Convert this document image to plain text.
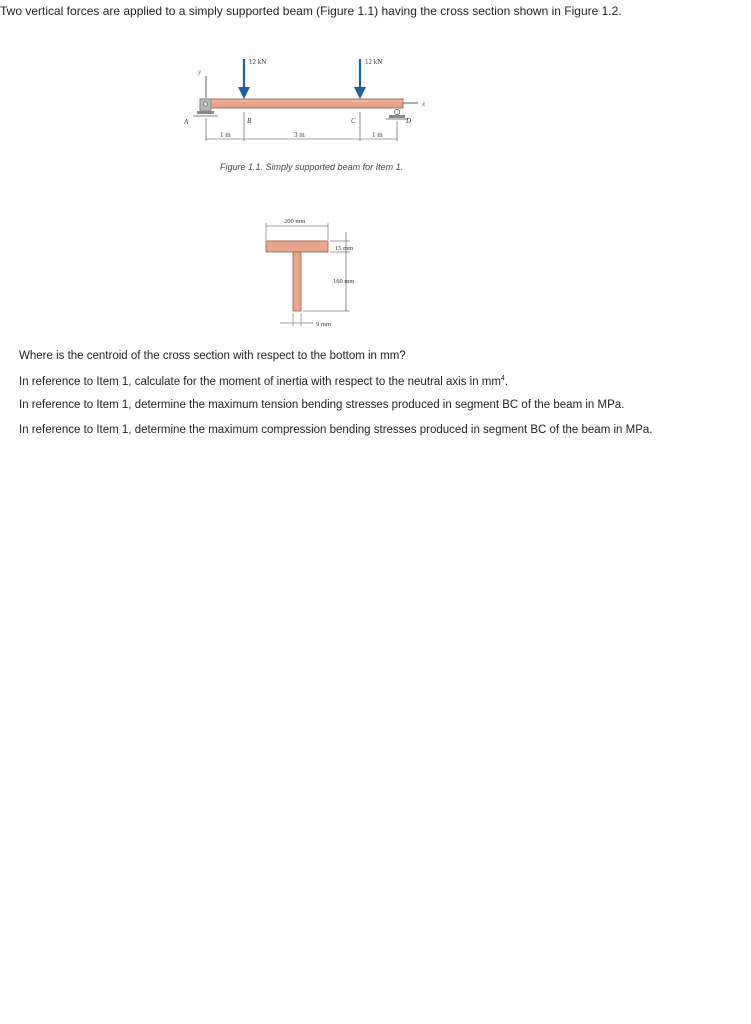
Two vertical forces are applied to a simply supported beam (Figure 1.1) having the cross section shown in Figure 1.2.
y
x
A	D
12 kN	12 kN
B	C
1 m	3 m	1 m
Figure 1.1. Simply supported beam for Item 1.
200 mm
15 mm
160 mm
9 mm
Where is the centroid of the cross section with respect to the bottom in mm?
In reference to Item 1, calculate for the moment of inertia with respect to the neutral axis in $mm^4$.
In reference to Item 1, determine the maximum tension bending stresses produced in segment BC of the beam in MPa.
In reference to Item 1, determine the maximum compression bending stresses produced in segment BC of the beam in MPa.
